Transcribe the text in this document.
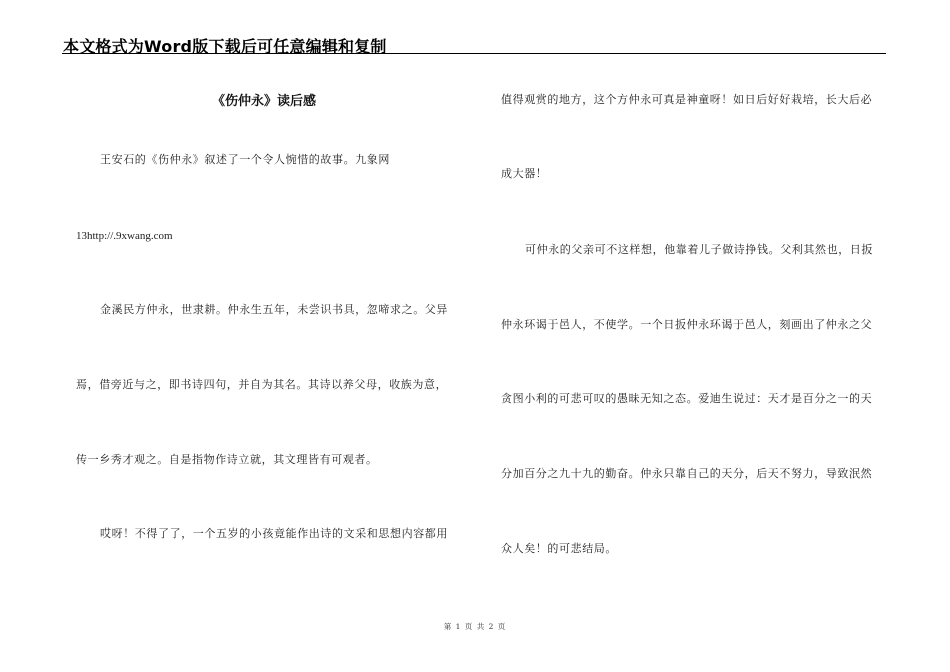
本文格式为Word版下载后可任意编辑和复制
《伤仲永》读后感
王安石的《伤仲永》叙述了一个令人惋惜的故事。九象网
13http://.9xwang.com
金溪民方仲永，世隶耕。仲永生五年，未尝识书具，忽啼求之。父异
焉，借旁近与之，即书诗四句，并自为其名。其诗以养父母，收族为意，
传一乡秀才观之。自是指物作诗立就，其文理皆有可观者。
哎呀！不得了了，一个五岁的小孩竟能作出诗的文采和思想内容都用
值得观赏的地方，这个方仲永可真是神童呀！如日后好好栽培，长大后必
成大器！
可仲永的父亲可不这样想，他靠着儿子做诗挣钱。父利其然也，日扳
仲永环谒于邑人，不使学。一个日扳仲永环谒于邑人，刻画出了仲永之父
贪图小利的可悲可叹的愚昧无知之态。爱迪生说过：天才是百分之一的天
分加百分之九十九的勤奋。仲永只靠自己的天分，后天不努力，导致泯然
众人矣！的可悲结局。
第 1 页 共 2 页
